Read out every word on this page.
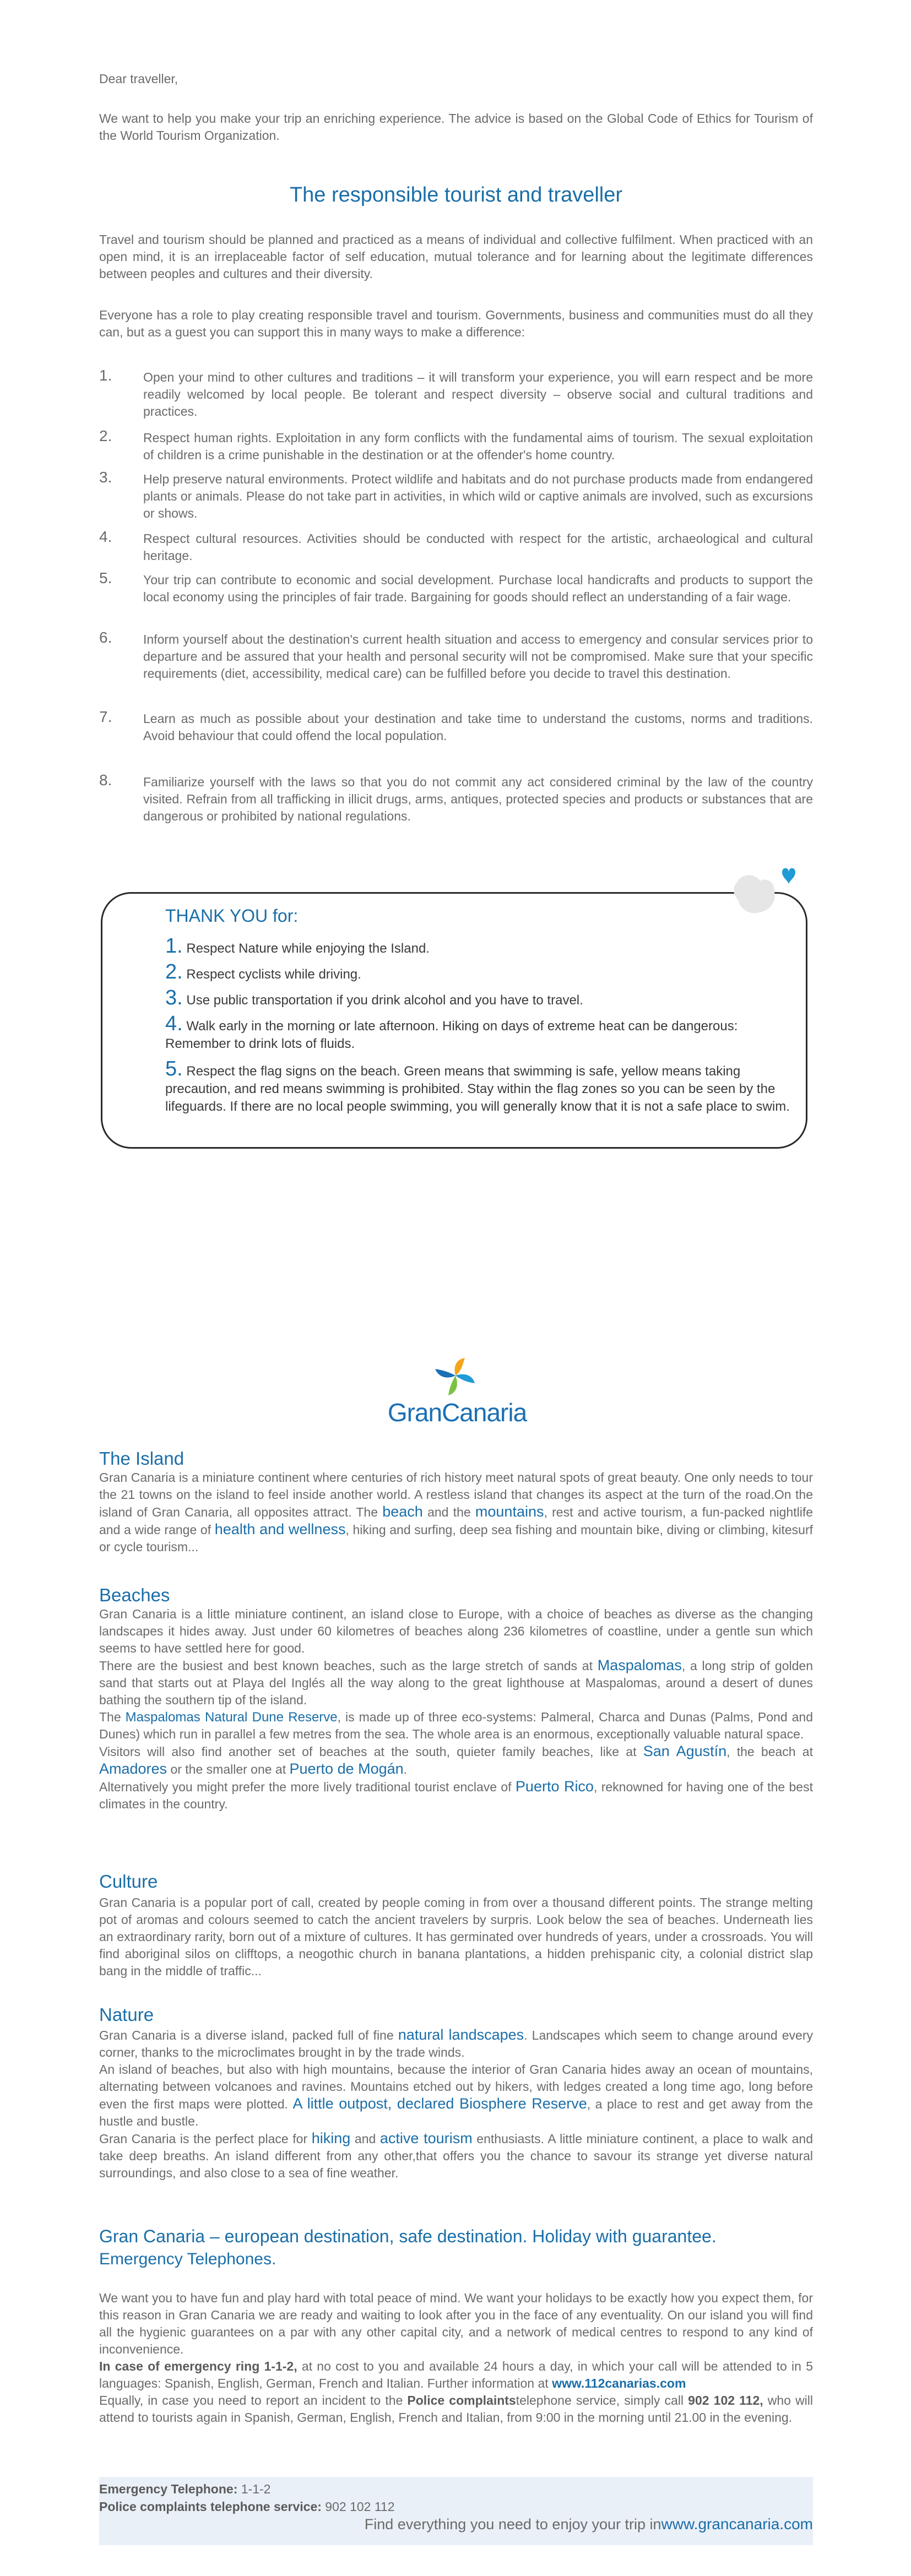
Dear traveller,

We want to help you make your trip an enriching experience. The advice is based on the Global Code of Ethics for Tourism of the World Tourism Organization.

The responsible tourist and traveller

Travel and tourism should be planned and practiced as a means of individual and collective fulfilment. When practiced with an open mind, it is an irreplaceable factor of self education, mutual tolerance and for learning about the legitimate differences between peoples and cultures and their diversity.

Everyone has a role to play creating responsible travel and tourism. Governments, business and communities must do all they can, but as a guest you can support this in many ways to make a difference:

1. Open your mind to other cultures and traditions – it will transform your experience, you will earn respect and be more readily welcomed by local people. Be tolerant and respect diversity – observe social and cultural traditions and practices.

2. Respect human rights. Exploitation in any form conflicts with the fundamental aims of tourism. The sexual exploitation of children is a crime punishable in the destination or at the offender's home country.

3. Help preserve natural environments. Protect wildlife and habitats and do not purchase products made from endangered plants or animals. Please do not take part in activities, in which wild or captive animals are involved, such as excursions or shows.

4. Respect cultural resources. Activities should be conducted with respect for the artistic, archaeological and cultural heritage.

5. Your trip can contribute to economic and social development. Purchase local handicrafts and products to support the local economy using the principles of fair trade. Bargaining for goods should reflect an understanding of a fair wage.

6. Inform yourself about the destination's current health situation and access to emergency and consular services prior to departure and be assured that your health and personal security will not be compromised. Make sure that your specific requirements (diet, accessibility, medical care) can be fulfilled before you decide to travel this destination.

7. Learn as much as possible about your destination and take time to understand the customs, norms and traditions. Avoid behaviour that could offend the local population.

8. Familiarize yourself with the laws so that you do not commit any act considered criminal by the law of the country visited. Refrain from all trafficking in illicit drugs, arms, antiques, protected species and products or substances that are dangerous or prohibited by national regulations.

THANK YOU for:
1. Respect Nature while enjoying the Island.
2. Respect cyclists while driving.
3. Use public transportation if you drink alcohol and you have to travel.
4. Walk early in the morning or late afternoon. Hiking on days of extreme heat can be dangerous: Remember to drink lots of fluids.
5. Respect the flag signs on the beach. Green means that swimming is safe, yellow means taking precaution, and red means swimming is prohibited. Stay within the flag zones so you can be seen by the lifeguards. If there are no local people swimming, you will generally know that it is not a safe place to swim.
GranCanaria
The Island

Gran Canaria is a miniature continent where centuries of rich history meet natural spots of great beauty. One only needs to tour the 21 towns on the island to feel inside another world. A restless island that changes its aspect at the turn of the road.On the island of Gran Canaria, all opposites attract. The beach and the mountains, rest and active tourism, a fun-packed nightlife and a wide range of health and wellness, hiking and surfing, deep sea fishing and mountain bike, diving or climbing, kitesurf or cycle tourism...

Beaches

Gran Canaria is a little miniature continent, an island close to Europe, with a choice of beaches as diverse as the changing landscapes it hides away. Just under 60 kilometres of beaches along 236 kilometres of coastline, under a gentle sun which seems to have settled here for good.
There are the busiest and best known beaches, such as the large stretch of sands at Maspalomas, a long strip of golden sand that starts out at Playa del Inglés all the way along to the great lighthouse at Maspalomas, around a desert of dunes bathing the southern tip of the island.
The Maspalomas Natural Dune Reserve, is made up of three eco-systems: Palmeral, Charca and Dunas (Palms, Pond and Dunes) which run in parallel a few metres from the sea. The whole area is an enormous, exceptionally valuable natural space.
Visitors will also find another set of beaches at the south, quieter family beaches, like at San Agustín, the beach at Amadores or the smaller one at Puerto de Mogán.
Alternatively you might prefer the more lively traditional tourist enclave of Puerto Rico, reknowned for having one of the best climates in the country.

Culture

Gran Canaria is a popular port of call, created by people coming in from over a thousand different points. The strange melting pot of aromas and colours seemed to catch the ancient travelers by surpris. Look below the sea of beaches. Underneath lies an extraordinary rarity, born out of a mixture of cultures. It has germinated over hundreds of years, under a crossroads. You will find aboriginal silos on clifftops, a neogothic church in banana plantations, a hidden prehispanic city, a colonial district slap bang in the middle of traffic...

Nature

Gran Canaria is a diverse island, packed full of fine natural landscapes. Landscapes which seem to change around every corner, thanks to the microclimates brought in by the trade winds.
An island of beaches, but also with high mountains, because the interior of Gran Canaria hides away an ocean of mountains, alternating between volcanoes and ravines. Mountains etched out by hikers, with ledges created a long time ago, long before even the first maps were plotted. A little outpost, declared Biosphere Reserve, a place to rest and get away from the hustle and bustle.
Gran Canaria is the perfect place for hiking and active tourism enthusiasts. A little miniature continent, a place to walk and take deep breaths. An island different from any other,that offers you the chance to savour its strange yet diverse natural surroundings, and also close to a sea of fine weather.

Gran Canaria – european destination, safe destination. Holiday with guarantee.
Emergency Telephones.

We want you to have fun and play hard with total peace of mind. We want your holidays to be exactly how you expect them, for this reason in Gran Canaria we are ready and waiting to look after you in the face of any eventuality. On our island you will find all the hygienic guarantees on a par with any other capital city, and a network of medical centres to respond to any kind of inconvenience.
In case of emergency ring 1-1-2, at no cost to you and available 24 hours a day, in which your call will be attended to in 5 languages: Spanish, English, German, French and Italian. Further information at www.112canarias.com
Equally, in case you need to report an incident to the Police complaintstelephone service, simply call 902 102 112, who will attend to tourists again in Spanish, German, English, French and Italian, from 9:00 in the morning until 21.00 in the evening.

Emergency Telephone: 1-1-2

Police complaints telephone service: 902 102 112

Find everything you need to enjoy your trip inwww.grancanaria.com
